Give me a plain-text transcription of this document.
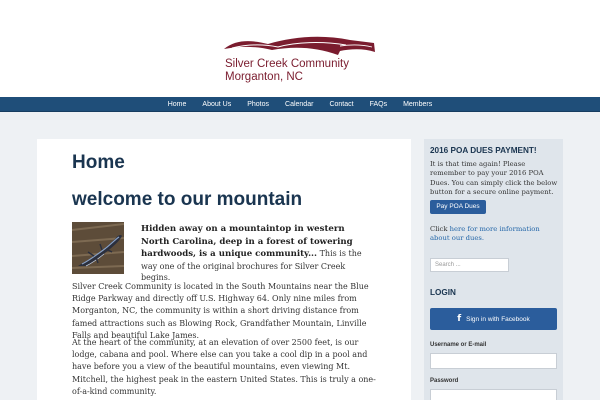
Silver Creek Community
Morganton, NC
Home About Us Photos Calendar Contact FAQs Members
Home
welcome to our mountain

Hidden away on a mountaintop in western North Carolina, deep in a forest of towering hardwoods, is a unique community... This is the way one of the original brochures for Silver Creek begins.

Silver Creek Community is located in the South Mountains near the Blue Ridge Parkway and directly off U.S. Highway 64. Only nine miles from Morganton, NC, the community is within a short driving distance from famed attractions such as Blowing Rock, Grandfather Mountain, Linville Falls and beautiful Lake James.

At the heart of the community, at an elevation of over 2500 feet, is our lodge, cabana and pool. Where else can you take a cool dip in a pool and have before you a view of the beautiful mountains, even viewing Mt. Mitchell, the highest peak in the eastern United States. This is truly a one-of-a-kind community.

2016 POA DUES PAYMENT!

It is that time again! Please remember to pay your 2016 POA Dues. You can simply click the below button for a secure online payment.

Pay POA Dues

Click here for more information about our dues.

Search ...
LOGIN
f Sign in with Facebook
Username or E-mail
Password
